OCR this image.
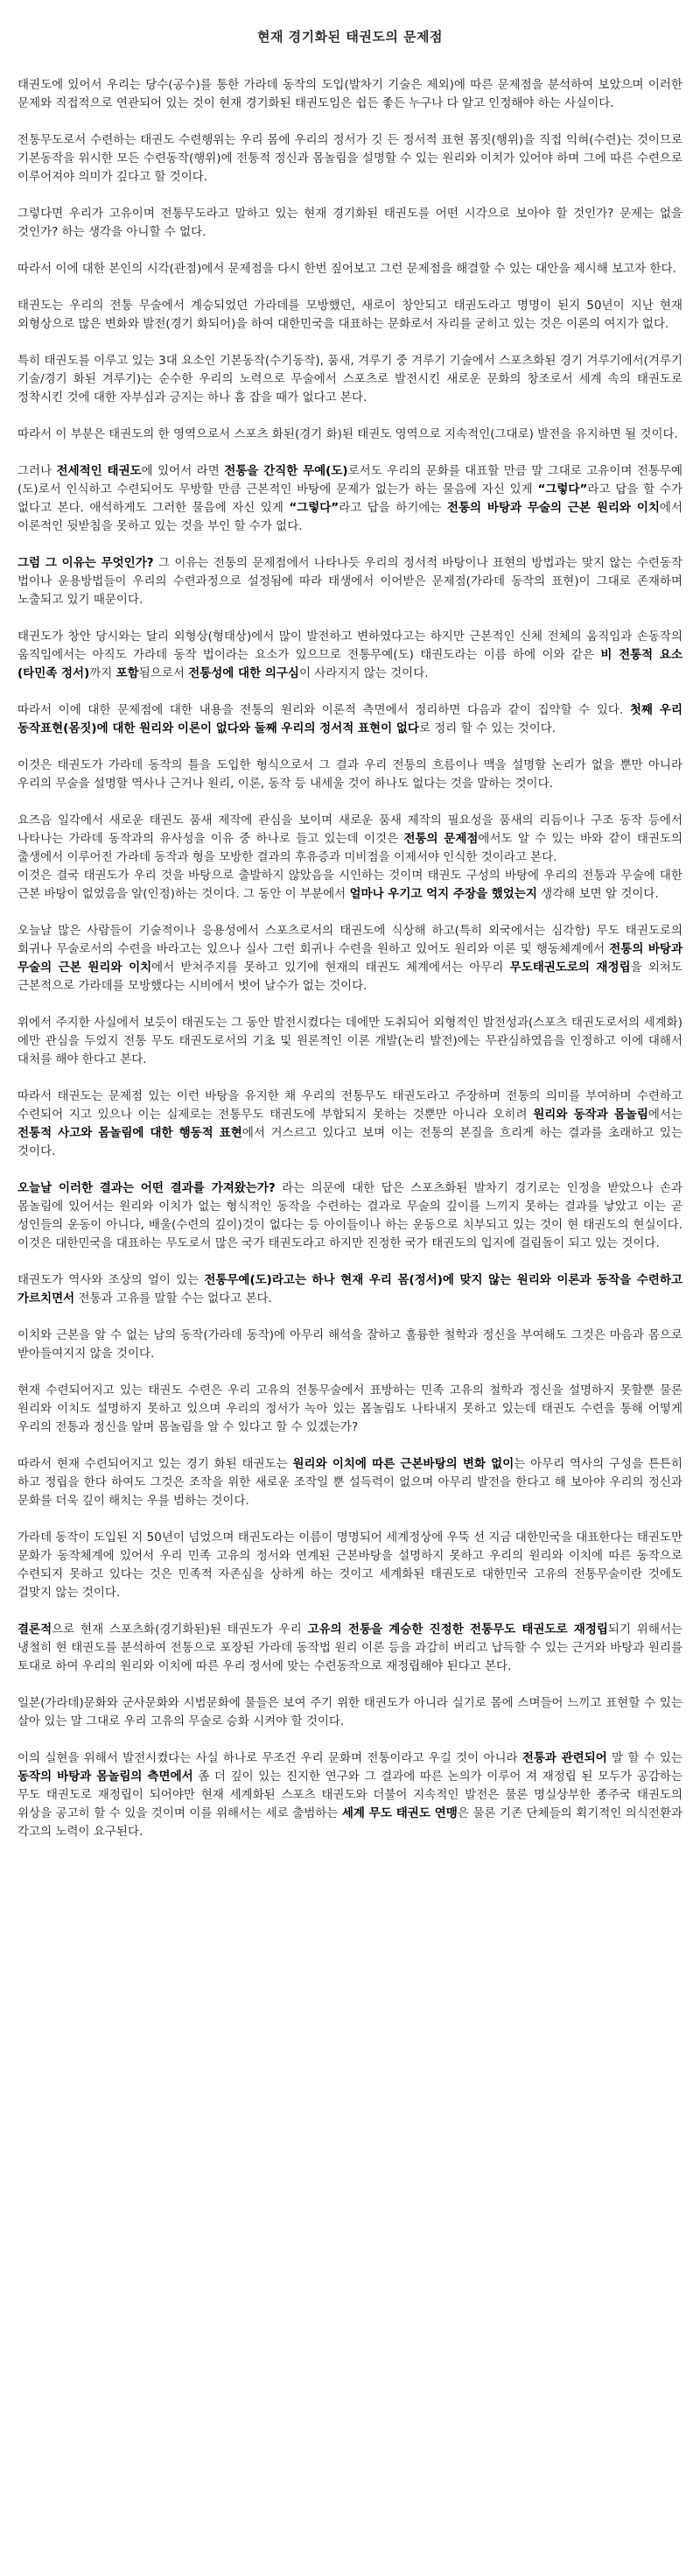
현재 경기화된 태권도의 문제점

태권도에 있어서 우리는 당수(공수)를 통한 가라데 동작의 도입(발차기 기술은 제외)에 따른 문제점을 분석하여 보았으며 이러한 문제와 직접적으로 연관되어 있는 것이 현재 경기화된 태권도임은 쉽든 좋든 누구나 다 알고 인정해야 하는 사실이다.

전통무도로서 수련하는 태권도 수련행위는 우리 몸에 우리의 정서가 깃 든 정서적 표현 몸짓(행위)을 직접 익혀(수련)는 것이므로 기본동작을 위시한 모든 수련동작(행위)에 전통적 정신과 몸놀림을 설명할 수 있는 원리와 이치가 있어야 하며 그에 따른 수련으로 이루어져야 의미가 깊다고 할 것이다.

그렇다면 우리가 고유이며 전통무도라고 말하고 있는 현재 경기화된 태권도를 어떤 시각으로 보아야 할 것인가? 문제는 없을 것인가? 하는 생각을 아니할 수 없다.

따라서 이에 대한 본인의 시각(관점)에서 문제점을 다시 한번 짚어보고 그런 문제점을 해결할 수 있는 대안을 제시해 보고자 한다.

태권도는 우리의 전통 무술에서 계승되었던 가라데를 모방했던, 새로이 창안되고 태권도라고 명명이 된지 50년이 지난 현재 외형상으로 많은 변화와 발전(경기 화되어)을 하여 대한민국을 대표하는 문화로서 자리를 굳히고 있는 것은 이론의 여지가 없다.

특히 태권도를 이루고 있는 3대 요소인 기본동작(수기동작), 품새, 겨루기 중 겨루기 기술에서 스포츠화된 경기 겨루기에서(겨루기 기술/경기 화된 겨루기)는 순수한 우리의 노력으로 무술에서 스포츠로 발전시킨 새로운 문화의 창조로서 세계 속의 태권도로 정착시킨 것에 대한 자부심과 긍지는 하나 흠 잡을 때가 없다고 본다.

따라서 이 부분은 태권도의 한 영역으로서 스포츠 화된(경기 화)된 태권도 영역으로 지속적인(그대로) 발전을 유지하면 될 것이다.

그러나 전세적인 태권도에 있어서 라면 전통을 간직한 무예(도)로서도 우리의 문화를 대표할 만큼 말 그대로 고유이며 전통무예(도)로서 인식하고 수련되어도 무방할 만큼 근본적인 바탕에 문제가 없는가 하는 물음에 자신 있게 “그렇다”라고 답을 할 수가 없다고 본다. 애석하게도 그러한 물음에 자신 있게 “그렇다”라고 답을 하기에는 전통의 바탕과 무술의 근본 원리와 이치에서 이론적인 뒷받침을 못하고 있는 것을 부인 할 수가 없다.

그럼 그 이유는 무엇인가? 그 이유는 전통의 문제점에서 나타나듯 우리의 정서적 바탕이나 표현의 방법과는 맞지 않는 수련동작 법이나 운용방법들이 우리의 수련과정으로 설정됨에 따라 태생에서 이어받은 문제점(가라데 동작의 표현)이 그대로 존재하며 노출되고 있기 때문이다.

태권도가 창안 당시와는 달리 외형상(형태상)에서 많이 발전하고 변하였다고는 하지만 근본적인 신체 전체의 움직임과 손동작의 움직임에서는 아직도 가라데 동작 법이라는 요소가 있으므로 전통무예(도) 태권도라는 이름 하에 이와 같은 비 전통적 요소(타민족 정서)까지 포함됨으로서 전통성에 대한 의구심이 사라지지 않는 것이다.

따라서 이에 대한 문제점에 대한 내용을 전통의 원리와 이론적 측면에서 정리하면 다음과 같이 집약할 수 있다. 첫째 우리 동작표현(몸짓)에 대한 원리와 이론이 없다와 둘째 우리의 정서적 표현이 없다로 정리 할 수 있는 것이다.

이것은 태권도가 가라데 동작의 틀을 도입한 형식으로서 그 결과 우리 전통의 흐름이나 맥을 설명할 논리가 없을 뿐만 아니라 우리의 무술을 설명할 역사나 근거나 원리, 이론, 동작 등 내세울 것이 하나도 없다는 것을 말하는 것이다.

요즈음 일각에서 새로운 태권도 품새 제작에 관심을 보이며 새로운 품새 제작의 필요성을 품새의 리듬이나 구조 동작 등에서 나타나는 가라데 동작과의 유사성을 이유 중 하나로 들고 있는데 이것은 전통의 문제점에서도 알 수 있는 바와 같이 태권도의 출생에서 이루어진 가라데 동작과 형을 모방한 결과의 후유증과 미비점을 이제서야 인식한 것이라고 본다.
이것은 결국 태권도가 우리 것을 바탕으로 출발하지 않았음을 시인하는 것이며 태권도 구성의 바탕에 우리의 전통과 무술에 대한 근본 바탕이 없었음을 알(인정)하는 것이다. 그 동안 이 부분에서 얼마나 우기고 억지 주장을 했었는지 생각해 보면 알 것이다.

오늘날 많은 사람들이 기술적이나 응용성에서 스포츠로서의 태권도에 식상해 하고(특히 외국에서는 심각함) 무도 태권도로의 회귀나 무술로서의 수련을 바라고는 있으나 실사 그런 회귀나 수련을 원하고 있어도 원리와 이론 및 행동체계에서 전통의 바탕과 무술의 근본 원리와 이치에서 받쳐주지를 못하고 있기에 현재의 태권도 체계에서는 아무리 무도태권도로의 재정립을 외쳐도 근본적으로 가라데를 모방했다는 시비에서 벗어 날수가 없는 것이다.

위에서 주지한 사실에서 보듯이 태권도는 그 동안 발전시켰다는 데에만 도취되어 외형적인 발전성과(스포츠 태권도로서의 세계화)에만 관심을 두었지 전통 무도 태권도로서의 기초 및 원론적인 이론 개발(논리 발전)에는 무관심하였음을 인정하고 이에 대해서 대처를 해야 한다고 본다.

따라서 태권도는 문제점 있는 이런 바탕을 유지한 채 우리의 전통무도 태권도라고 주장하며 전통의 의미를 부여하며 수련하고 수련되어 지고 있으나 이는 실제로는 전통무도 태권도에 부합되지 못하는 것뿐만 아니라 오히려 원리와 동작과 몸놀림에서는 전통적 사고와 몸놀림에 대한 행동적 표현에서 거스르고 있다고 보며 이는 전통의 본질을 흐리게 하는 결과를 초래하고 있는 것이다.

오늘날 이러한 결과는 어떤 결과를 가져왔는가? 라는 의문에 대한 답은 스포츠화된 발차기 경기로는 인정을 받았으나 손과 몸놀림에 있어서는 원리와 이치가 없는 형식적인 동작을 수련하는 결과로 무술의 깊이를 느끼지 못하는 결과를 낳았고 이는 곧 성인들의 운동이 아니다, 배울(수련의 깊이)것이 없다는 등 아이들이나 하는 운동으로 치부되고 있는 것이 현 태권도의 현실이다. 이것은 대한민국을 대표하는 무도로서 많은 국가 태권도라고 하지만 진정한 국가 태권도의 입지에 걸림돌이 되고 있는 것이다.

태권도가 역사와 조상의 얼이 있는 전통무예(도)라고는 하나 현재 우리 몸(정서)에 맞지 않는 원리와 이론과 동작을 수련하고 가르치면서 전통과 고유를 말할 수는 없다고 본다.

이치와 근본을 알 수 없는 남의 동작(가라데 동작)에 아무리 해석을 잘하고 훌륭한 철학과 정신을 부여해도 그것은 마음과 몸으로 받아들여지지 않을 것이다.

현재 수련되어지고 있는 태권도 수련은 우리 고유의 전통무술에서 표방하는 민족 고유의 철학과 정신을 설명하지 못할뿐 물론 원리와 이치도 설명하지 못하고 있으며 우리의 정서가 녹아 있는 몸놀림도 나타내지 못하고 있는데 태권도 수련을 통해 어떻게 우리의 전통과 정신을 알며 몸놀림을 알 수 있다고 할 수 있겠는가?

따라서 현재 수련되어지고 있는 경기 화된 태권도는 원리와 이치에 따른 근본바탕의 변화 없이는 아무리 역사의 구성을 튼튼히 하고 정립을 한다 하여도 그것은 조작을 위한 새로운 조작일 뿐 설득력이 없으며 아무리 발전을 한다고 해 보아야 우리의 정신과 문화를 더욱 깊이 해치는 우를 범하는 것이다.

가라데 동작이 도입된 지 50년이 넘었으며 태권도라는 이름이 명명되어 세계정상에 우뚝 선 지금 대한민국을 대표한다는 태권도만 문화가 동작체계에 있어서 우리 민족 고유의 정서와 연계된 근본바탕을 설명하지 못하고 우리의 원리와 이치에 따른 동작으로 수련되지 못하고 있다는 것은 민족적 자존심을 상하게 하는 것이고 세계화된 태권도로 대한민국 고유의 전통무술이란 것에도 걸맞지 않는 것이다.

결론적으로 현재 스포츠화(경기화된)된 태권도가 우리 고유의 전통을 계승한 진정한 전통무도 태권도로 재정립되기 위해서는 냉철히 현 태권도를 분석하여 전통으로 포장된 가라데 동작법 원리 이론 등을 과감히 버리고 납득할 수 있는 근거와 바탕과 원리를 토대로 하여 우리의 원리와 이치에 따른 우리 정서에 맞는 수련동작으로 재정립해야 된다고 본다.

일본(가라데)문화와 군사문화와 시범문화에 물들은 보여 주기 위한 태권도가 아니라 실기로 몸에 스며들어 느끼고 표현할 수 있는 살아 있는 말 그대로 우리 고유의 무술로 승화 시켜야 할 것이다.

이의 실현을 위해서 발전시켰다는 사실 하나로 무조건 우리 문화며 전통이라고 우길 것이 아니라 전통과 관련되어 말 할 수 있는 동작의 바탕과 몸놀림의 측면에서 좀 더 깊이 있는 진지한 연구와 그 결과에 따른 논의가 이루어 져 재정립 된 모두가 공감하는 무도 태권도로 재정립이 되어야만 현재 세계화된 스포츠 태권도와 더불어 지속적인 발전은 물론 명실상부한 종주국 태권도의 위상을 공고히 할 수 있을 것이며 이를 위해서는 세로 출범하는 세계 무도 태권도 연맹은 물론 기존 단체들의 획기적인 의식전환과 각고의 노력이 요구된다.
